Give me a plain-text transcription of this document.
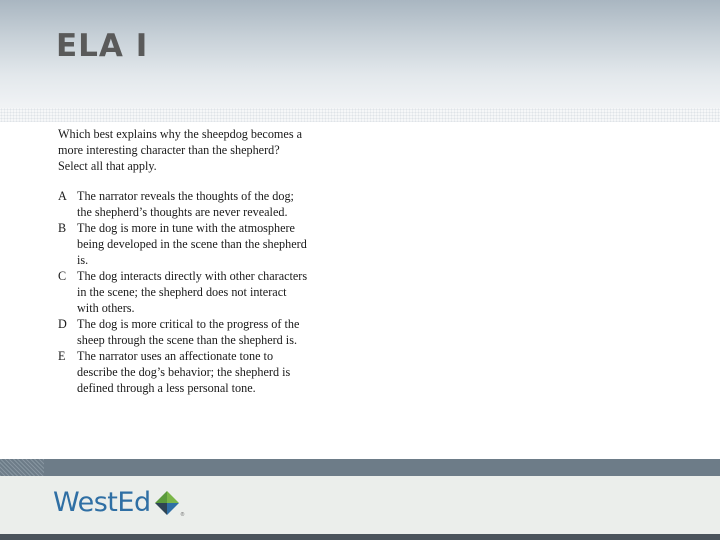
ELA I

Which best explains why the sheepdog becomes a more interesting character than the shepherd? Select all that apply.

A The narrator reveals the thoughts of the dog; the shepherd’s thoughts are never revealed.
B The dog is more in tune with the atmosphere being developed in the scene than the shepherd is.
C The dog interacts directly with other characters in the scene; the shepherd does not interact with others.
D The dog is more critical to the progress of the sheep through the scene than the shepherd is.
E The narrator uses an affectionate tone to describe the dog’s behavior; the shepherd is defined through a less personal tone.
WestEd	®
